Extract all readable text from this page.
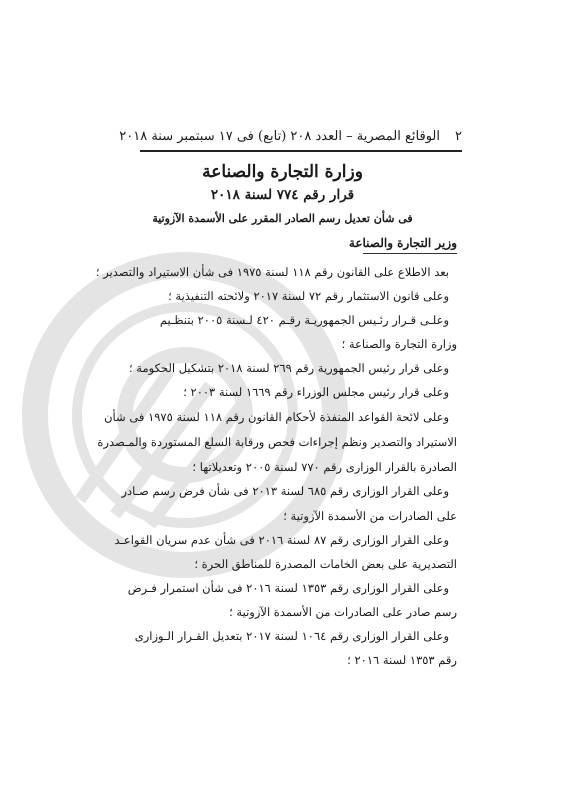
٢
الوقائع المصرية – العدد ٢٠٨ (تابع) فى ١٧ سبتمبر سنة ٢٠١٨
وزارة التجارة والصناعة
قرار رقم ٧٧٤ لسنة ٢٠١٨
فى شأن تعديل رسم الصادر المقرر على الأسمدة الآزوتية
وزير التجارة والصناعة
بعد الاطلاع على القانون رقم ١١٨ لسنة ١٩٧٥ فى شأن الاستيراد والتصدير ؛
وعلى قانون الاستثمار رقم ٧٢ لسنة ٢٠١٧ ولائحته التنفيذية ؛
وعلـى قـرار رئـيس الجمهوريـة رقـم ٤٢٠ لـسنة ٢٠٠٥ بتنظـيم
وزارة التجارة والصناعة ؛
وعلى قرار رئيس الجمهورية رقم ٢٦٩ لسنة ٢٠١٨ بتشكيل الحكومة ؛
وعلى قرار رئيس مجلس الوزراء رقم ١٦٦٩ لسنة ٢٠٠٣ ؛
وعلى لائحة القواعد المنفذة لأحكام القانون رقم ١١٨ لسنة ١٩٧٥ فى شأن
الاستيراد والتصدير ونظم إجراءات فحص ورقابة السلع المستوردة والمـصدرة
الصادرة بالقرار الوزارى رقم ٧٧٠ لسنة ٢٠٠٥ وتعديلاتها ؛
وعلى القرار الوزارى رقم ٦٨٥ لسنة ٢٠١٣ فى شأن فرض رسم صـادر
على الصادرات من الأسمدة الآزوتية ؛
وعلى القرار الوزارى رقم ٨٧ لسنة ٢٠١٦ فى شأن عدم سريان القواعـد
التصديرية على بعض الخامات المصدرة للمناطق الحرة ؛
وعلى القرار الوزارى رقم ١٣٥٣ لسنة ٢٠١٦ فى شأن استمرار فـرض
رسم صادر على الصادرات من الأسمدة الآزوتية ؛
وعلى القرار الوزارى رقم ١٠٦٤ لسنة ٢٠١٧ بتعديل القـرار الـوزارى
رقم ١٣٥٣ لسنة ٢٠١٦ ؛
